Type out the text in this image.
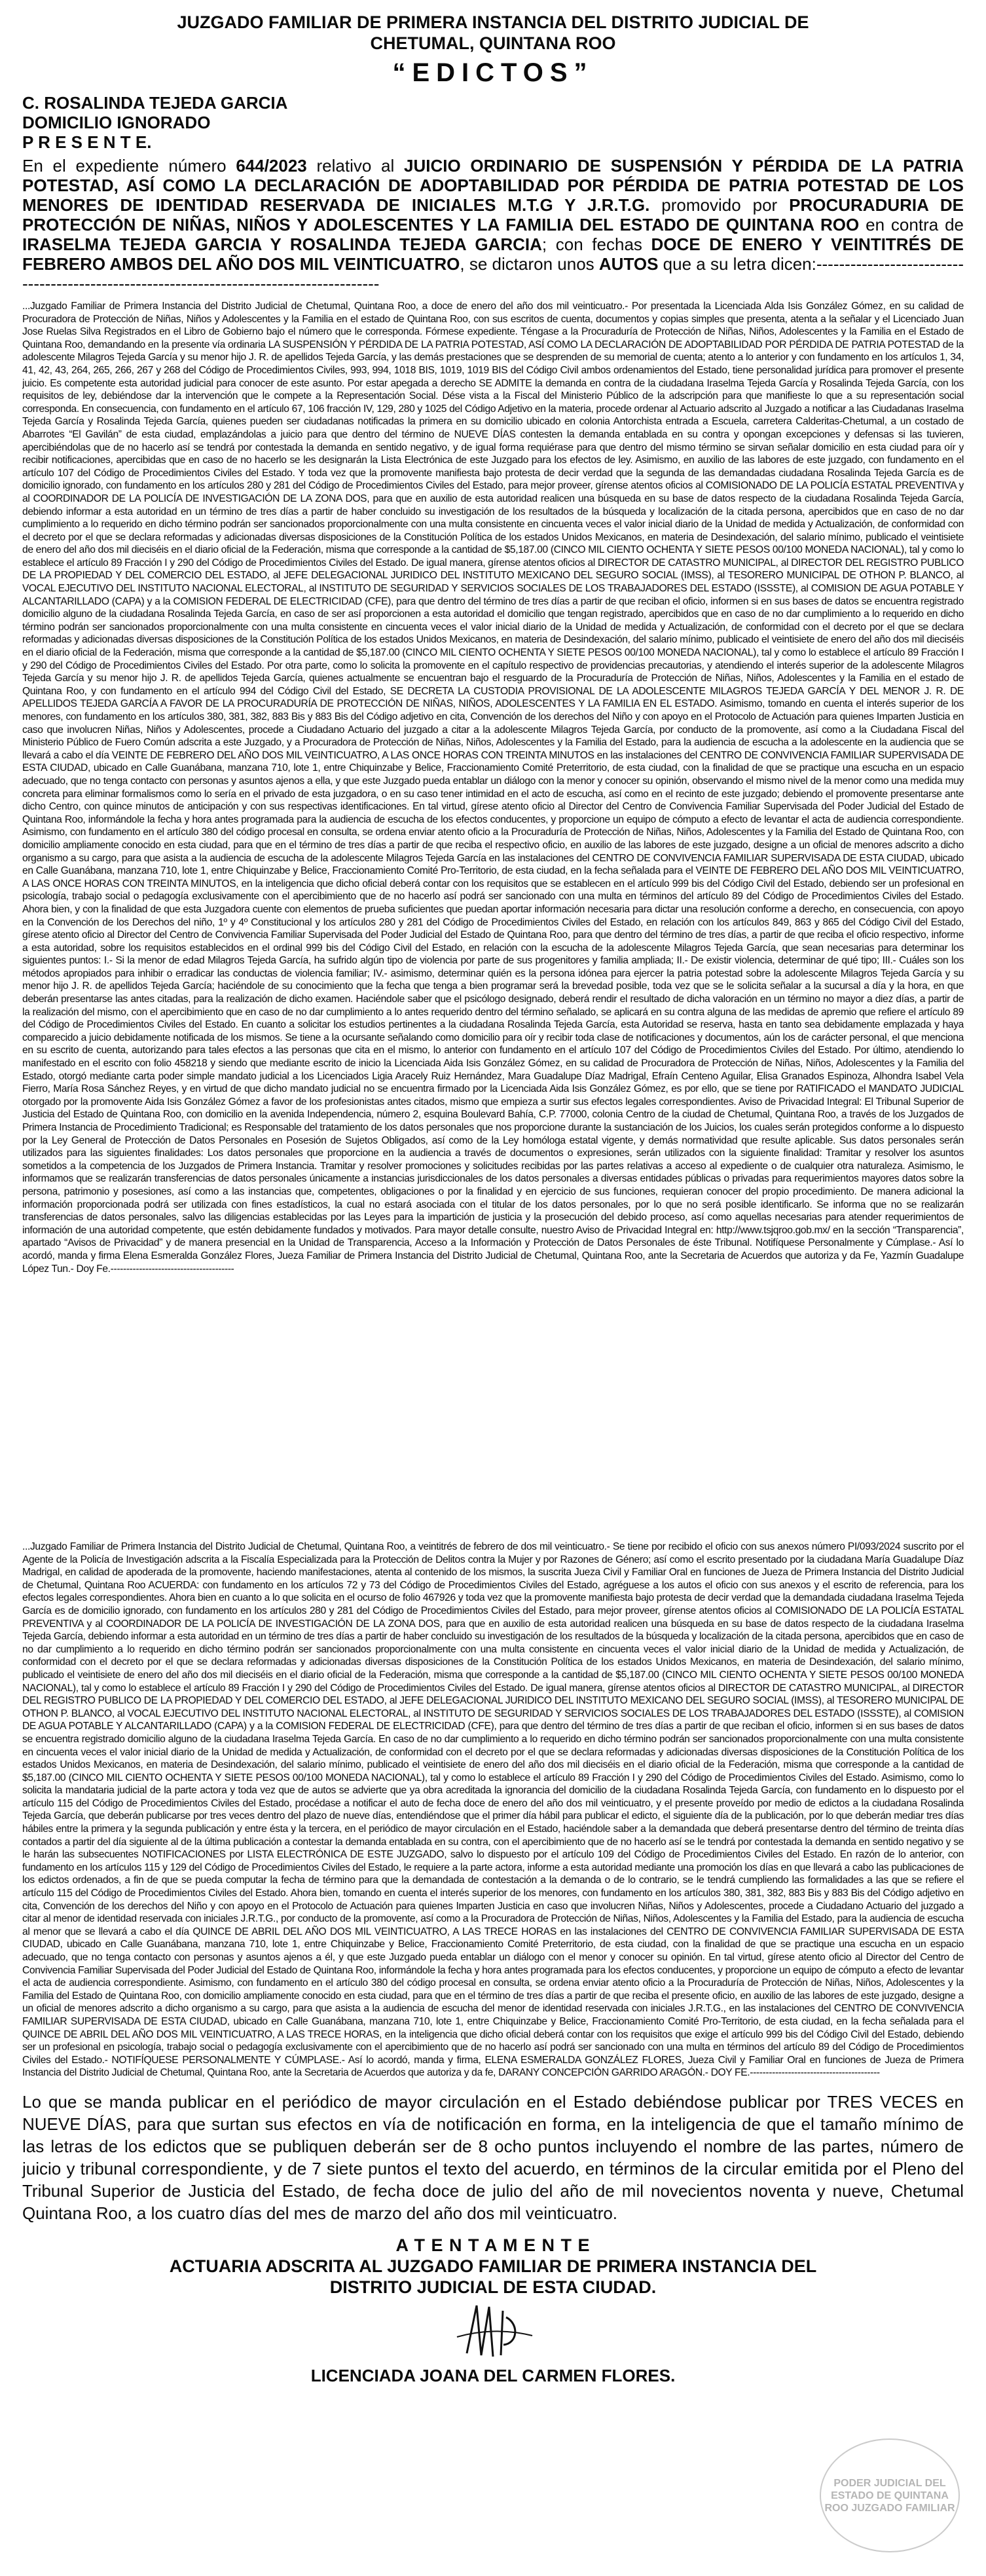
JUZGADO FAMILIAR DE PRIMERA INSTANCIA DEL DISTRITO JUDICIAL DE
CHETUMAL, QUINTANA ROO
“EDICTOS”
C. ROSALINDA TEJEDA GARCIA
DOMICILIO IGNORADO
P R E S E N T E.
En el expediente número 644/2023 relativo al JUICIO ORDINARIO DE SUSPENSIÓN Y PÉRDIDA DE LA PATRIA POTESTAD, ASÍ COMO LA DECLARACIÓN DE ADOPTABILIDAD POR PÉRDIDA DE PATRIA POTESTAD DE LOS MENORES DE IDENTIDAD RESERVADA DE INICIALES M.T.G Y J.R.T.G. promovido por PROCURADURIA DE PROTECCIÓN DE NIÑAS, NIÑOS Y ADOLESCENTES Y LA FAMILIA DEL ESTADO DE QUINTANA ROO en contra de IRASELMA TEJEDA GARCIA Y ROSALINDA TEJEDA GARCIA; con fechas DOCE DE ENERO Y VEINTITRÉS DE FEBRERO AMBOS DEL AÑO DOS MIL VEINTICUATRO, se dictaron unos AUTOS que a su letra dicen:-----------------------------------------------------------------------------------------
...Juzgado Familiar de Primera Instancia del Distrito Judicial de Chetumal, Quintana Roo, a doce de enero del año dos mil veinticuatro.- Por presentada la Licenciada Alda Isis González Gómez, en su calidad de Procuradora de Protección de Niñas, Niños y Adolescentes y la Familia en el estado de Quintana Roo, con sus escritos de cuenta, documentos y copias simples que presenta, atenta a la señalar y el Licenciado Juan Jose Ruelas Silva Registrados en el Libro de Gobierno bajo el número que le corresponda. Fórmese expediente. Téngase a la Procuraduría de Protección de Niñas, Niños, Adolescentes y la Familia en el Estado de Quintana Roo, demandando en la presente vía ordinaria LA SUSPENSIÓN Y PÉRDIDA DE LA PATRIA POTESTAD, ASÍ COMO LA DECLARACIÓN DE ADOPTABILIDAD POR PÉRDIDA DE PATRIA POTESTAD de la adolescente Milagros Tejeda García y su menor hijo J. R. de apellidos Tejeda García, y las demás prestaciones que se desprenden de su memorial de cuenta; atento a lo anterior y con fundamento en los artículos 1, 34, 41, 42, 43, 264, 265, 266, 267 y 268 del Código de Procedimientos Civiles, 993, 994, 1018 BIS, 1019, 1019 BIS del Código Civil ambos ordenamientos del Estado, tiene personalidad jurídica para promover el presente juicio. Es competente esta autoridad judicial para conocer de este asunto. Por estar apegada a derecho SE ADMITE la demanda en contra de la ciudadana Iraselma Tejeda García y Rosalinda Tejeda García, con los requisitos de ley, debiéndose dar la intervención que le compete a la Representación Social. Dése vista a la Fiscal del Ministerio Público de la adscripción para que manifieste lo que a su representación social corresponda. En consecuencia, con fundamento en el artículo 67, 106 fracción IV, 129, 280 y 1025 del Código Adjetivo en la materia, procede ordenar al Actuario adscrito al Juzgado a notificar a las Ciudadanas Iraselma Tejeda García y Rosalinda Tejeda García, quienes pueden ser ciudadanas notificadas la primera en su domicilio ubicado en colonia Antorchista entrada a Escuela, carretera Calderitas-Chetumal, a un costado de Abarrotes “El Gavilán” de esta ciudad, emplazándolas a juicio para que dentro del término de NUEVE DÍAS contesten la demanda entablada en su contra y opongan excepciones y defensas si las tuvieren, apercibiéndolas que de no hacerlo así se tendrá por contestada la demanda en sentido negativo, y de igual forma requiérase para que dentro del mismo término se sirvan señalar domicilio en esta ciudad para oír y recibir notificaciones, apercibidas que en caso de no hacerlo se les designarán la Lista Electrónica de este Juzgado para los efectos de ley. Asimismo, en auxilio de las labores de este juzgado, con fundamento en el artículo 107 del Código de Procedimientos Civiles del Estado. Y toda vez que la promovente manifiesta bajo protesta de decir verdad que la segunda de las demandadas ciudadana Rosalinda Tejeda García es de domicilio ignorado, con fundamento en los artículos 280 y 281 del Código de Procedimientos Civiles del Estado, para mejor proveer, gírense atentos oficios al COMISIONADO DE LA POLICÍA ESTATAL PREVENTIVA y al COORDINADOR DE LA POLICÍA DE INVESTIGACIÓN DE LA ZONA DOS, para que en auxilio de esta autoridad realicen una búsqueda en su base de datos respecto de la ciudadana Rosalinda Tejeda García, debiendo informar a esta autoridad en un término de tres días a partir de haber concluido su investigación de los resultados de la búsqueda y localización de la citada persona, apercibidos que en caso de no dar cumplimiento a lo requerido en dicho término podrán ser sancionados proporcionalmente con una multa consistente en cincuenta veces el valor inicial diario de la Unidad de medida y Actualización, de conformidad con el decreto por el que se declara reformadas y adicionadas diversas disposiciones de la Constitución Política de los estados Unidos Mexicanos, en materia de Desindexación, del salario mínimo, publicado el veintisiete de enero del año dos mil dieciséis en el diario oficial de la Federación, misma que corresponde a la cantidad de $5,187.00 (CINCO MIL CIENTO OCHENTA Y SIETE PESOS 00/100 MONEDA NACIONAL), tal y como lo establece el artículo 89 Fracción I y 290 del Código de Procedimientos Civiles del Estado. De igual manera, gírense atentos oficios al DIRECTOR DE CATASTRO MUNICIPAL, al DIRECTOR DEL REGISTRO PUBLICO DE LA PROPIEDAD Y DEL COMERCIO DEL ESTADO, al JEFE DELEGACIONAL JURIDICO DEL INSTITUTO MEXICANO DEL SEGURO SOCIAL (IMSS), al TESORERO MUNICIPAL DE OTHON P. BLANCO, al VOCAL EJECUTIVO DEL INSTITUTO NACIONAL ELECTORAL, al INSTITUTO DE SEGURIDAD Y SERVICIOS SOCIALES DE LOS TRABAJADORES DEL ESTADO (ISSSTE), al COMISION DE AGUA POTABLE Y ALCANTARILLADO (CAPA) y a la COMISION FEDERAL DE ELECTRICIDAD (CFE), para que dentro del término de tres días a partir de que reciban el oficio, informen si en sus bases de datos se encuentra registrado domicilio alguno de la ciudadana Rosalinda Tejeda García, en caso de ser así proporcionen a esta autoridad el domicilio que tengan registrado, apercibidos que en caso de no dar cumplimiento a lo requerido en dicho término podrán ser sancionados proporcionalmente con una multa consistente en cincuenta veces el valor inicial diario de la Unidad de medida y Actualización, de conformidad con el decreto por el que se declara reformadas y adicionadas diversas disposiciones de la Constitución Política de los estados Unidos Mexicanos, en materia de Desindexación, del salario mínimo, publicado el veintisiete de enero del año dos mil dieciséis en el diario oficial de la Federación, misma que corresponde a la cantidad de $5,187.00 (CINCO MIL CIENTO OCHENTA Y SIETE PESOS 00/100 MONEDA NACIONAL), tal y como lo establece el artículo 89 Fracción I y 290 del Código de Procedimientos Civiles del Estado. Por otra parte, como lo solicita la promovente en el capítulo respectivo de providencias precautorias, y atendiendo el interés superior de la adolescente Milagros Tejeda García y su menor hijo J. R. de apellidos Tejeda García, quienes actualmente se encuentran bajo el resguardo de la Procuraduría de Protección de Niñas, Niños, Adolescentes y la Familia en el estado de Quintana Roo, y con fundamento en el artículo 994 del Código Civil del Estado, SE DECRETA LA CUSTODIA PROVISIONAL DE LA ADOLESCENTE MILAGROS TEJEDA GARCÍA Y DEL MENOR J. R. DE APELLIDOS TEJEDA GARCÍA A FAVOR DE LA PROCURADURÍA DE PROTECCIÓN DE NIÑAS, NIÑOS, ADOLESCENTES Y LA FAMILIA EN EL ESTADO. Asimismo, tomando en cuenta el interés superior de los menores, con fundamento en los artículos 380, 381, 382, 883 Bis y 883 Bis del Código adjetivo en cita, Convención de los derechos del Niño y con apoyo en el Protocolo de Actuación para quienes Imparten Justicia en caso que involucren Niñas, Niños y Adolescentes, procede a Ciudadano Actuario del juzgado a citar a la adolescente Milagros Tejeda García, por conducto de la promovente, así como a la Ciudadana Fiscal del Ministerio Público de Fuero Común adscrita a este Juzgado, y a Procuradora de Protección de Niñas, Niños, Adolescentes y la Familia del Estado, para la audiencia de escucha a la adolescente en la audiencia que se llevará a cabo el día VEINTE DE FEBRERO DEL AÑO DOS MIL VEINTICUATRO, A LAS ONCE HORAS CON TREINTA MINUTOS en las instalaciones del CENTRO DE CONVIVENCIA FAMILIAR SUPERVISADA DE ESTA CIUDAD, ubicado en Calle Guanábana, manzana 710, lote 1, entre Chiquinzabe y Belice, Fraccionamiento Comité Preterritorio, de esta ciudad, con la finalidad de que se practique una escucha en un espacio adecuado, que no tenga contacto con personas y asuntos ajenos a ella, y que este Juzgado pueda entablar un diálogo con la menor y conocer su opinión, observando el mismo nivel de la menor como una medida muy concreta para eliminar formalismos como lo sería en el privado de esta juzgadora, o en su caso tener intimidad en el acto de escucha, así como en el recinto de este juzgado; debiendo el promovente presentarse ante dicho Centro, con quince minutos de anticipación y con sus respectivas identificaciones. En tal virtud, gírese atento oficio al Director del Centro de Convivencia Familiar Supervisada del Poder Judicial del Estado de Quintana Roo, informándole la fecha y hora antes programada para la audiencia de escucha de los efectos conducentes, y proporcione un equipo de cómputo a efecto de levantar el acta de audiencia correspondiente. Asimismo, con fundamento en el artículo 380 del código procesal en consulta, se ordena enviar atento oficio a la Procuraduría de Protección de Niñas, Niños, Adolescentes y la Familia del Estado de Quintana Roo, con domicilio ampliamente conocido en esta ciudad, para que en el término de tres días a partir de que reciba el respectivo oficio, en auxilio de las labores de este juzgado, designe a un oficial de menores adscrito a dicho organismo a su cargo, para que asista a la audiencia de escucha de la adolescente Milagros Tejeda García en las instalaciones del CENTRO DE CONVIVENCIA FAMILIAR SUPERVISADA DE ESTA CIUDAD, ubicado en Calle Guanábana, manzana 710, lote 1, entre Chiquinzabe y Belice, Fraccionamiento Comité Pro-Territorio, de esta ciudad, en la fecha señalada para el VEINTE DE FEBRERO DEL AÑO DOS MIL VEINTICUATRO, A LAS ONCE HORAS CON TREINTA MINUTOS, en la inteligencia que dicho oficial deberá contar con los requisitos que se establecen en el artículo 999 bis del Código Civil del Estado, debiendo ser un profesional en psicología, trabajo social o pedagogía exclusivamente con el apercibimiento que de no hacerlo así podrá ser sancionado con una multa en términos del artículo 89 del Código de Procedimientos Civiles del Estado. Ahora bien, y con la finalidad de que esta Juzgadora cuente con elementos de prueba suficientes que puedan aportar información necesaria para dictar una resolución conforme a derecho, en consecuencia, con apoyo en la Convención de los Derechos del niño, 1º y 4º Constitucional y los artículos 280 y 281 del Código de Procedimientos Civiles del Estado, en relación con los artículos 849, 863 y 865 del Código Civil del Estado, gírese atento oficio al Director del Centro de Convivencia Familiar Supervisada del Poder Judicial del Estado de Quintana Roo, para que dentro del término de tres días, a partir de que reciba el oficio respectivo, informe a esta autoridad, sobre los requisitos establecidos en el ordinal 999 bis del Código Civil del Estado, en relación con la escucha de la adolescente Milagros Tejeda García, que sean necesarias para determinar los siguientes puntos: I.- Si la menor de edad Milagros Tejeda García, ha sufrido algún tipo de violencia por parte de sus progenitores y familia ampliada; II.- De existir violencia, determinar de qué tipo; III.- Cuáles son los métodos apropiados para inhibir o erradicar las conductas de violencia familiar; IV.- asimismo, determinar quién es la persona idónea para ejercer la patria potestad sobre la adolescente Milagros Tejeda García y su menor hijo J. R. de apellidos Tejeda García; haciéndole de su conocimiento que la fecha que tenga a bien programar será la brevedad posible, toda vez que se le solicita señalar a la sucursal a día y la hora, en que deberán presentarse las antes citadas, para la realización de dicho examen. Haciéndole saber que el psicólogo designado, deberá rendir el resultado de dicha valoración en un término no mayor a diez días, a partir de la realización del mismo, con el apercibimiento que en caso de no dar cumplimiento a lo antes requerido dentro del término señalado, se aplicará en su contra alguna de las medidas de apremio que refiere el artículo 89 del Código de Procedimientos Civiles del Estado. En cuanto a solicitar los estudios pertinentes a la ciudadana Rosalinda Tejeda García, esta Autoridad se reserva, hasta en tanto sea debidamente emplazada y haya comparecido a juicio debidamente notificada de los mismos. Se tiene a la ocursante señalando como domicilio para oír y recibir toda clase de notificaciones y documentos, aún los de carácter personal, el que menciona en su escrito de cuenta, autorizando para tales efectos a las personas que cita en el mismo, lo anterior con fundamento en el artículo 107 del Código de Procedimientos Civiles del Estado. Por último, atendiendo lo manifestado en el escrito con folio 458218 y siendo que mediante escrito de inicio la Licenciada Aida Isis González Gómez, en su calidad de Procuradora de Protección de Niñas, Niños, Adolescentes y la Familia del Estado, otorgó mediante carta poder simple mandato judicial a los Licenciados Ligia Aracely Ruiz Hernández, Mara Guadalupe Díaz Madrigal, Efraín Centeno Aguilar, Elisa Granados Espinoza, Alhondra Isabel Vela Fierro, María Rosa Sánchez Reyes, y en virtud de que dicho mandato judicial no se encuentra firmado por la Licenciada Aida Isis González Gómez, es por ello, que se tiene por RATIFICADO el MANDATO JUDICIAL otorgado por la promovente Aida Isis González Gómez a favor de los profesionistas antes citados, mismo que empieza a surtir sus efectos legales correspondientes. Aviso de Privacidad Integral: El Tribunal Superior de Justicia del Estado de Quintana Roo, con domicilio en la avenida Independencia, número 2, esquina Boulevard Bahía, C.P. 77000, colonia Centro de la ciudad de Chetumal, Quintana Roo, a través de los Juzgados de Primera Instancia de Procedimiento Tradicional; es Responsable del tratamiento de los datos personales que nos proporcione durante la sustanciación de los Juicios, los cuales serán protegidos conforme a lo dispuesto por la Ley General de Protección de Datos Personales en Posesión de Sujetos Obligados, así como de la Ley homóloga estatal vigente, y demás normatividad que resulte aplicable. Sus datos personales serán utilizados para las siguientes finalidades: Los datos personales que proporcione en la audiencia a través de documentos o expresiones, serán utilizados con la siguiente finalidad: Tramitar y resolver los asuntos sometidos a la competencia de los Juzgados de Primera Instancia. Tramitar y resolver promociones y solicitudes recibidas por las partes relativas a acceso al expediente o de cualquier otra naturaleza. Asimismo, le informamos que se realizarán transferencias de datos personales únicamente a instancias jurisdiccionales de los datos personales a diversas entidades públicas o privadas para requerimientos mayores datos sobre la persona, patrimonio y posesiones, así como a las instancias que, competentes, obligaciones o por la finalidad y en ejercicio de sus funciones, requieran conocer del propio procedimiento. De manera adicional la información proporcionada podrá ser utilizada con fines estadísticos, la cual no estará asociada con el titular de los datos personales, por lo que no será posible identificarlo. Se informa que no se realizarán transferencias de datos personales, salvo las diligencias establecidas por las Leyes para la impartición de justicia y la prosecución del debido proceso, así como aquellas necesarias para atender requerimientos de información de una autoridad competente, que estén debidamente fundados y motivados. Para mayor detalle consulte, nuestro Aviso de Privacidad Integral en: http://www.tsjqroo.gob.mx/ en la sección “Transparencia”, apartado “Avisos de Privacidad” y de manera presencial en la Unidad de Transparencia, Acceso a la Información y Protección de Datos Personales de éste Tribunal. Notifíquese Personalmente y Cúmplase.- Así lo acordó, manda y firma Elena Esmeralda González Flores, Jueza Familiar de Primera Instancia del Distrito Judicial de Chetumal, Quintana Roo, ante la Secretaria de Acuerdos que autoriza y da Fe, Yazmín Guadalupe López Tun.- Doy Fe.---------------------------------------
...Juzgado Familiar de Primera Instancia del Distrito Judicial de Chetumal, Quintana Roo, a veintitrés de febrero de dos mil veinticuatro.- Se tiene por recibido el oficio con sus anexos número PI/093/2024 suscrito por el Agente de la Policía de Investigación adscrita a la Fiscalía Especializada para la Protección de Delitos contra la Mujer y por Razones de Género; así como el escrito presentado por la ciudadana María Guadalupe Díaz Madrigal, en calidad de apoderada de la promovente, haciendo manifestaciones, atenta al contenido de los mismos, la suscrita Jueza Civil y Familiar Oral en funciones de Jueza de Primera Instancia del Distrito Judicial de Chetumal, Quintana Roo ACUERDA: con fundamento en los artículos 72 y 73 del Código de Procedimientos Civiles del Estado, agréguese a los autos el oficio con sus anexos y el escrito de referencia, para los efectos legales correspondientes. Ahora bien en cuanto a lo que solicita en el ocurso de folio 467926 y toda vez que la promovente manifiesta bajo protesta de decir verdad que la demandada ciudadana Iraselma Tejeda García es de domicilio ignorado, con fundamento en los artículos 280 y 281 del Código de Procedimientos Civiles del Estado, para mejor proveer, gírense atentos oficios al COMISIONADO DE LA POLICÍA ESTATAL PREVENTIVA y al COORDINADOR DE LA POLICÍA DE INVESTIGACIÓN DE LA ZONA DOS, para que en auxilio de esta autoridad realicen una búsqueda en su base de datos respecto de la ciudadana Iraselma Tejeda García, debiendo informar a esta autoridad en un término de tres días a partir de haber concluido su investigación de los resultados de la búsqueda y localización de la citada persona, apercibidos que en caso de no dar cumplimiento a lo requerido en dicho término podrán ser sancionados proporcionalmente con una multa consistente en cincuenta veces el valor inicial diario de la Unidad de medida y Actualización, de conformidad con el decreto por el que se declara reformadas y adicionadas diversas disposiciones de la Constitución Política de los estados Unidos Mexicanos, en materia de Desindexación, del salario mínimo, publicado el veintisiete de enero del año dos mil dieciséis en el diario oficial de la Federación, misma que corresponde a la cantidad de $5,187.00 (CINCO MIL CIENTO OCHENTA Y SIETE PESOS 00/100 MONEDA NACIONAL), tal y como lo establece el artículo 89 Fracción I y 290 del Código de Procedimientos Civiles del Estado. De igual manera, gírense atentos oficios al DIRECTOR DE CATASTRO MUNICIPAL, al DIRECTOR DEL REGISTRO PUBLICO DE LA PROPIEDAD Y DEL COMERCIO DEL ESTADO, al JEFE DELEGACIONAL JURIDICO DEL INSTITUTO MEXICANO DEL SEGURO SOCIAL (IMSS), al TESORERO MUNICIPAL DE OTHON P. BLANCO, al VOCAL EJECUTIVO DEL INSTITUTO NACIONAL ELECTORAL, al INSTITUTO DE SEGURIDAD Y SERVICIOS SOCIALES DE LOS TRABAJADORES DEL ESTADO (ISSSTE), al COMISION DE AGUA POTABLE Y ALCANTARILLADO (CAPA) y a la COMISION FEDERAL DE ELECTRICIDAD (CFE), para que dentro del término de tres días a partir de que reciban el oficio, informen si en sus bases de datos se encuentra registrado domicilio alguno de la ciudadana Iraselma Tejeda García. En caso de no dar cumplimiento a lo requerido en dicho término podrán ser sancionados proporcionalmente con una multa consistente en cincuenta veces el valor inicial diario de la Unidad de medida y Actualización, de conformidad con el decreto por el que se declara reformadas y adicionadas diversas disposiciones de la Constitución Política de los estados Unidos Mexicanos, en materia de Desindexación, del salario mínimo, publicado el veintisiete de enero del año dos mil dieciséis en el diario oficial de la Federación, misma que corresponde a la cantidad de $5,187.00 (CINCO MIL CIENTO OCHENTA Y SIETE PESOS 00/100 MONEDA NACIONAL), tal y como lo establece el artículo 89 Fracción I y 290 del Código de Procedimientos Civiles del Estado. Asimismo, como lo solicita la mandataria judicial de la parte actora y toda vez que de autos se advierte que ya obra acreditada la ignorancia del domicilio de la ciudadana Rosalinda Tejeda García, con fundamento en lo dispuesto por el artículo 115 del Código de Procedimientos Civiles del Estado, procédase a notificar el auto de fecha doce de enero del año dos mil veinticuatro, y el presente proveído por medio de edictos a la ciudadana Rosalinda Tejeda García, que deberán publicarse por tres veces dentro del plazo de nueve días, entendiéndose que el primer día hábil para publicar el edicto, el siguiente día de la publicación, por lo que deberán mediar tres días hábiles entre la primera y la segunda publicación y entre ésta y la tercera, en el periódico de mayor circulación en el Estado, haciéndole saber a la demandada que deberá presentarse dentro del término de treinta días contados a partir del día siguiente al de la última publicación a contestar la demanda entablada en su contra, con el apercibimiento que de no hacerlo así se le tendrá por contestada la demanda en sentido negativo y se le harán las subsecuentes NOTIFICACIONES por LISTA ELECTRÓNICA DE ESTE JUZGADO, salvo lo dispuesto por el artículo 109 del Código de Procedimientos Civiles del Estado. En razón de lo anterior, con fundamento en los artículos 115 y 129 del Código de Procedimientos Civiles del Estado, le requiere a la parte actora, informe a esta autoridad mediante una promoción los días en que llevará a cabo las publicaciones de los edictos ordenados, a fin de que se pueda computar la fecha de término para que la demandada de contestación a la demanda o de lo contrario, se le tendrá cumpliendo las formalidades a las que se refiere el artículo 115 del Código de Procedimientos Civiles del Estado. Ahora bien, tomando en cuenta el interés superior de los menores, con fundamento en los artículos 380, 381, 382, 883 Bis y 883 Bis del Código adjetivo en cita, Convención de los derechos del Niño y con apoyo en el Protocolo de Actuación para quienes Imparten Justicia en caso que involucren Niñas, Niños y Adolescentes, procede a Ciudadano Actuario del juzgado a citar al menor de identidad reservada con iniciales J.R.T.G., por conducto de la promovente, así como a la Procuradora de Protección de Niñas, Niños, Adolescentes y la Familia del Estado, para la audiencia de escucha al menor que se llevará a cabo el día QUINCE DE ABRIL DEL AÑO DOS MIL VEINTICUATRO, A LAS TRECE HORAS en las instalaciones del CENTRO DE CONVIVENCIA FAMILIAR SUPERVISADA DE ESTA CIUDAD, ubicado en Calle Guanábana, manzana 710, lote 1, entre Chiquinzabe y Belice, Fraccionamiento Comité Preterritorio, de esta ciudad, con la finalidad de que se practique una escucha en un espacio adecuado, que no tenga contacto con personas y asuntos ajenos a él, y que este Juzgado pueda entablar un diálogo con el menor y conocer su opinión. En tal virtud, gírese atento oficio al Director del Centro de Convivencia Familiar Supervisada del Poder Judicial del Estado de Quintana Roo, informándole la fecha y hora antes programada para los efectos conducentes, y proporcione un equipo de cómputo a efecto de levantar el acta de audiencia correspondiente. Asimismo, con fundamento en el artículo 380 del código procesal en consulta, se ordena enviar atento oficio a la Procuraduría de Protección de Niñas, Niños, Adolescentes y la Familia del Estado de Quintana Roo, con domicilio ampliamente conocido en esta ciudad, para que en el término de tres días a partir de que reciba el presente oficio, en auxilio de las labores de este juzgado, designe a un oficial de menores adscrito a dicho organismo a su cargo, para que asista a la audiencia de escucha del menor de identidad reservada con iniciales J.R.T.G., en las instalaciones del CENTRO DE CONVIVENCIA FAMILIAR SUPERVISADA DE ESTA CIUDAD, ubicado en Calle Guanábana, manzana 710, lote 1, entre Chiquinzabe y Belice, Fraccionamiento Comité Pro-Territorio, de esta ciudad, en la fecha señalada para el QUINCE DE ABRIL DEL AÑO DOS MIL VEINTICUATRO, A LAS TRECE HORAS, en la inteligencia que dicho oficial deberá contar con los requisitos que exige el artículo 999 bis del Código Civil del Estado, debiendo ser un profesional en psicología, trabajo social o pedagogía exclusivamente con el apercibimiento que de no hacerlo así podrá ser sancionado con una multa en términos del artículo 89 del Código de Procedimientos Civiles del Estado.- NOTIFÍQUESE PERSONALMENTE Y CÚMPLASE.- Así lo acordó, manda y firma, ELENA ESMERALDA GONZÁLEZ FLORES, Jueza Civil y Familiar Oral en funciones de Jueza de Primera Instancia del Distrito Judicial de Chetumal, Quintana Roo, ante la Secretaria de Acuerdos que autoriza y da fe, DARANY CONCEPCIÓN GARRIDO ARAGÓN.- DOY FE.-----------------------------------------
Lo que se manda publicar en el periódico de mayor circulación en el Estado debiéndose publicar por TRES VECES en NUEVE DÍAS, para que surtan sus efectos en vía de notificación en forma, en la inteligencia de que el tamaño mínimo de las letras de los edictos que se publiquen deberán ser de 8 ocho puntos incluyendo el nombre de las partes, número de juicio y tribunal correspondiente, y de 7 siete puntos el texto del acuerdo, en términos de la circular emitida por el Pleno del Tribunal Superior de Justicia del Estado, de fecha doce de julio del año de mil novecientos noventa y nueve, Chetumal Quintana Roo, a los cuatro días del mes de marzo del año dos mil veinticuatro.
A T E N T A M E N T E
ACTUARIA ADSCRITA AL JUZGADO FAMILIAR DE PRIMERA INSTANCIA DEL
DISTRITO JUDICIAL DE ESTA CIUDAD.
LICENCIADA JOANA DEL CARMEN FLORES.
PODER JUDICIAL DEL ESTADO DE QUINTANA ROO JUZGADO FAMILIAR
